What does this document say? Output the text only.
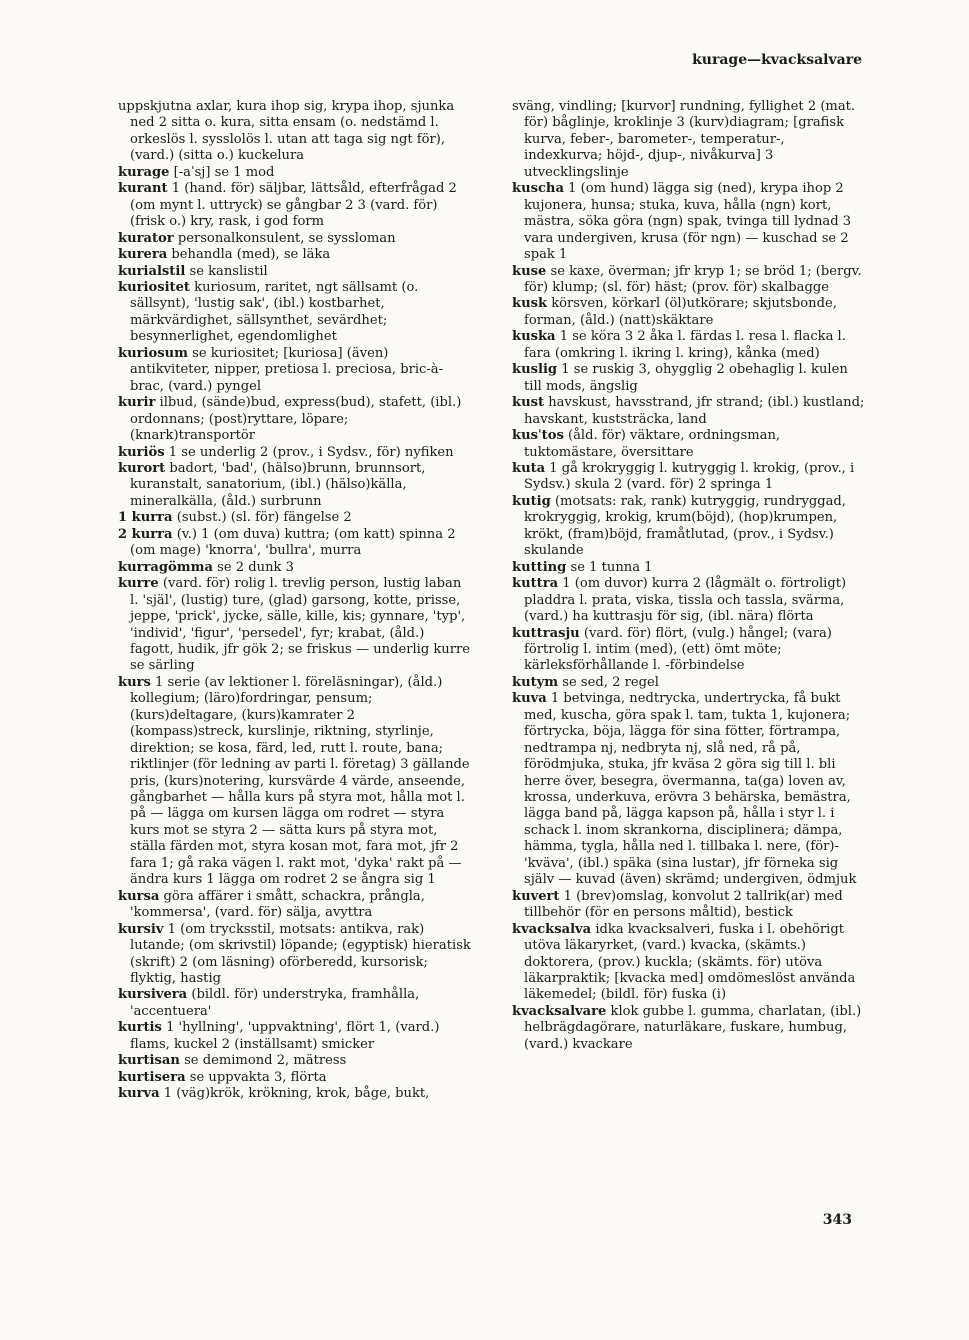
kurage—kvacksalvare

uppskjutna axlar, kura ihop sig, krypa ihop, sjunka ned 2 sitta o. kura, sitta ensam (o. nedstämd l. orkeslös l. sysslolös l. utan att taga sig ngt för), (vard.) (sitta o.) kuckelura

kurage [-aˈsj] se 1 mod

kurant 1 (hand. för) säljbar, lättsåld, efterfrågad 2 (om mynt l. uttryck) se gångbar 2 3 (vard. för) (frisk o.) kry, rask, i god form

kurator personalkonsulent, se syssloman

kurera behandla (med), se läka

kurialstil se kanslistil

kuriositet kuriosum, raritet, ngt sällsamt (o. sällsynt), 'lustig sak', (ibl.) kostbarhet, märkvärdighet, sällsynthet, sevärdhet; besynnerlighet, egendomlighet

kuriosum se kuriositet; [kuriosa] (även) antikviteter, nipper, pretiosa l. preciosa, bric-à-brac, (vard.) pyngel

kurir ilbud, (sände)bud, express(bud), stafett, (ibl.) ordonnans; (post)ryttare, löpare; (knark)transportör

kuriös 1 se underlig 2 (prov., i Sydsv., för) nyfiken

kurort badort, 'bad', (hälso)brunn, brunnsort, kuranstalt, sanatorium, (ibl.) (hälso)källa, mineralkälla, (åld.) surbrunn

1 kurra (subst.) (sl. för) fängelse 2

2 kurra (v.) 1 (om duva) kuttra; (om katt) spinna 2 (om mage) 'knorra', 'bullra', murra

kurragömma se 2 dunk 3

kurre (vard. för) rolig l. trevlig person, lustig laban l. 'själ', (lustig) ture, (glad) garsong, kotte, prisse, jeppe, 'prick', jycke, sälle, kille, kis; gynnare, 'typ', 'individ', 'figur', 'persedel', fyr; krabat, (åld.) fagott, hudik, jfr gök 2; se friskus — underlig kurre se särling

kurs 1 serie (av lektioner l. föreläsningar), (åld.) kollegium; (läro)fordringar, pensum; (kurs)deltagare, (kurs)kamrater 2 (kompass)streck, kurslinje, riktning, styrlinje, direktion; se kosa, färd, led, rutt l. route, bana; riktlinjer (för ledning av parti l. företag) 3 gällande pris, (kurs)notering, kursvärde 4 värde, anseende, gångbarhet — hålla kurs på styra mot, hålla mot l. på — lägga om kursen lägga om rodret — styra kurs mot se styra 2 — sätta kurs på styra mot, ställa färden mot, styra kosan mot, fara mot, jfr 2 fara 1; gå raka vägen l. rakt mot, 'dyka' rakt på — ändra kurs 1 lägga om rodret 2 se ångra sig 1

kursa göra affärer i smått, schackra, prångla, 'kommersa', (vard. för) sälja, avyttra

kursiv 1 (om trycksstil, motsats: antikva, rak) lutande; (om skrivstil) löpande; (egyptisk) hieratisk (skrift) 2 (om läsning) oförberedd, kursorisk; flyktig, hastig

kursivera (bildl. för) understryka, framhålla, 'accentuera'

kurtis 1 'hyllning', 'uppvaktning', flört 1, (vard.) flams, kuckel 2 (inställsamt) smicker

kurtisan se demimond 2, mätress

kurtisera se uppvakta 3, flörta

kurva 1 (väg)krök, krökning, krok, båge, bukt,

sväng, vindling; [kurvor] rundning, fyllighet 2 (mat. för) båglinje, kroklinje 3 (kurv)diagram; [grafisk kurva, feber-, barometer-, temperatur-, indexkurva; höjd-, djup-, nivåkurva] 3 utvecklingslinje

kuscha 1 (om hund) lägga sig (ned), krypa ihop 2 kujonera, hunsa; stuka, kuva, hålla (ngn) kort, mästra, söka göra (ngn) spak, tvinga till lydnad 3 vara undergiven, krusa (för ngn) — kuschad se 2 spak 1

kuse se kaxe, överman; jfr kryp 1; se bröd 1; (bergv. för) klump; (sl. för) häst; (prov. för) skalbagge

kusk körsven, körkarl (öl)utkörare; skjutsbonde, forman, (åld.) (natt)skäktare

kuska 1 se köra 3 2 åka l. färdas l. resa l. flacka l. fara (omkring l. ikring l. kring), kånka (med)

kuslig 1 se ruskig 3, ohygglig 2 obehaglig l. kulen till mods, ängslig

kust havskust, havsstrand, jfr strand; (ibl.) kustland; havskant, kuststräcka, land

kusˈtos (åld. för) väktare, ordningsman, tuktomästare, översittare

kuta 1 gå krokryggig l. kutryggig l. krokig, (prov., i Sydsv.) skula 2 (vard. för) 2 springa 1

kutig (motsats: rak, rank) kutryggig, rundryggad, krokryggig, krokig, krum(böjd), (hop)krumpen, krökt, (fram)böjd, framåtlutad, (prov., i Sydsv.) skulande

kutting se 1 tunna 1

kuttra 1 (om duvor) kurra 2 (lågmält o. förtroligt) pladdra l. prata, viska, tissla och tassla, svärma, (vard.) ha kuttrasju för sig, (ibl. nära) flörta

kuttrasju (vard. för) flört, (vulg.) hångel; (vara) förtrolig l. intim (med), (ett) ömt möte; kärleksförhållande l. -förbindelse

kutym se sed, 2 regel

kuva 1 betvinga, nedtrycka, undertrycka, få bukt med, kuscha, göra spak l. tam, tukta 1, kujonera; förtrycka, böja, lägga för sina fötter, förtrampa, nedtrampa nj, nedbryta nj, slå ned, rå på, förödmjuka, stuka, jfr kväsa 2 göra sig till l. bli herre över, besegra, övermanna, ta(ga) loven av, krossa, underkuva, erövra 3 behärska, bemästra, lägga band på, lägga kapson på, hålla i styr l. i schack l. inom skrankorna, disciplinera; dämpa, hämma, tygla, hålla ned l. tillbaka l. nere, (för)-'kväva', (ibl.) späka (sina lustar), jfr förneka sig själv — kuvad (även) skrämd; undergiven, ödmjuk

kuvert 1 (brev)omslag, konvolut 2 tallrik(ar) med tillbehör (för en persons måltid), bestick

kvacksalva idka kvacksalveri, fuska i l. obehörigt utöva läkaryrket, (vard.) kvacka, (skämts.) doktorera, (prov.) kuckla; (skämts. för) utöva läkarpraktik; [kvacka med] omdömeslöst använda läkemedel; (bildl. för) fuska (i)

kvacksalvare klok gubbe l. gumma, charlatan, (ibl.) helbrägdagörare, naturläkare, fuskare, humbug, (vard.) kvackare

343
